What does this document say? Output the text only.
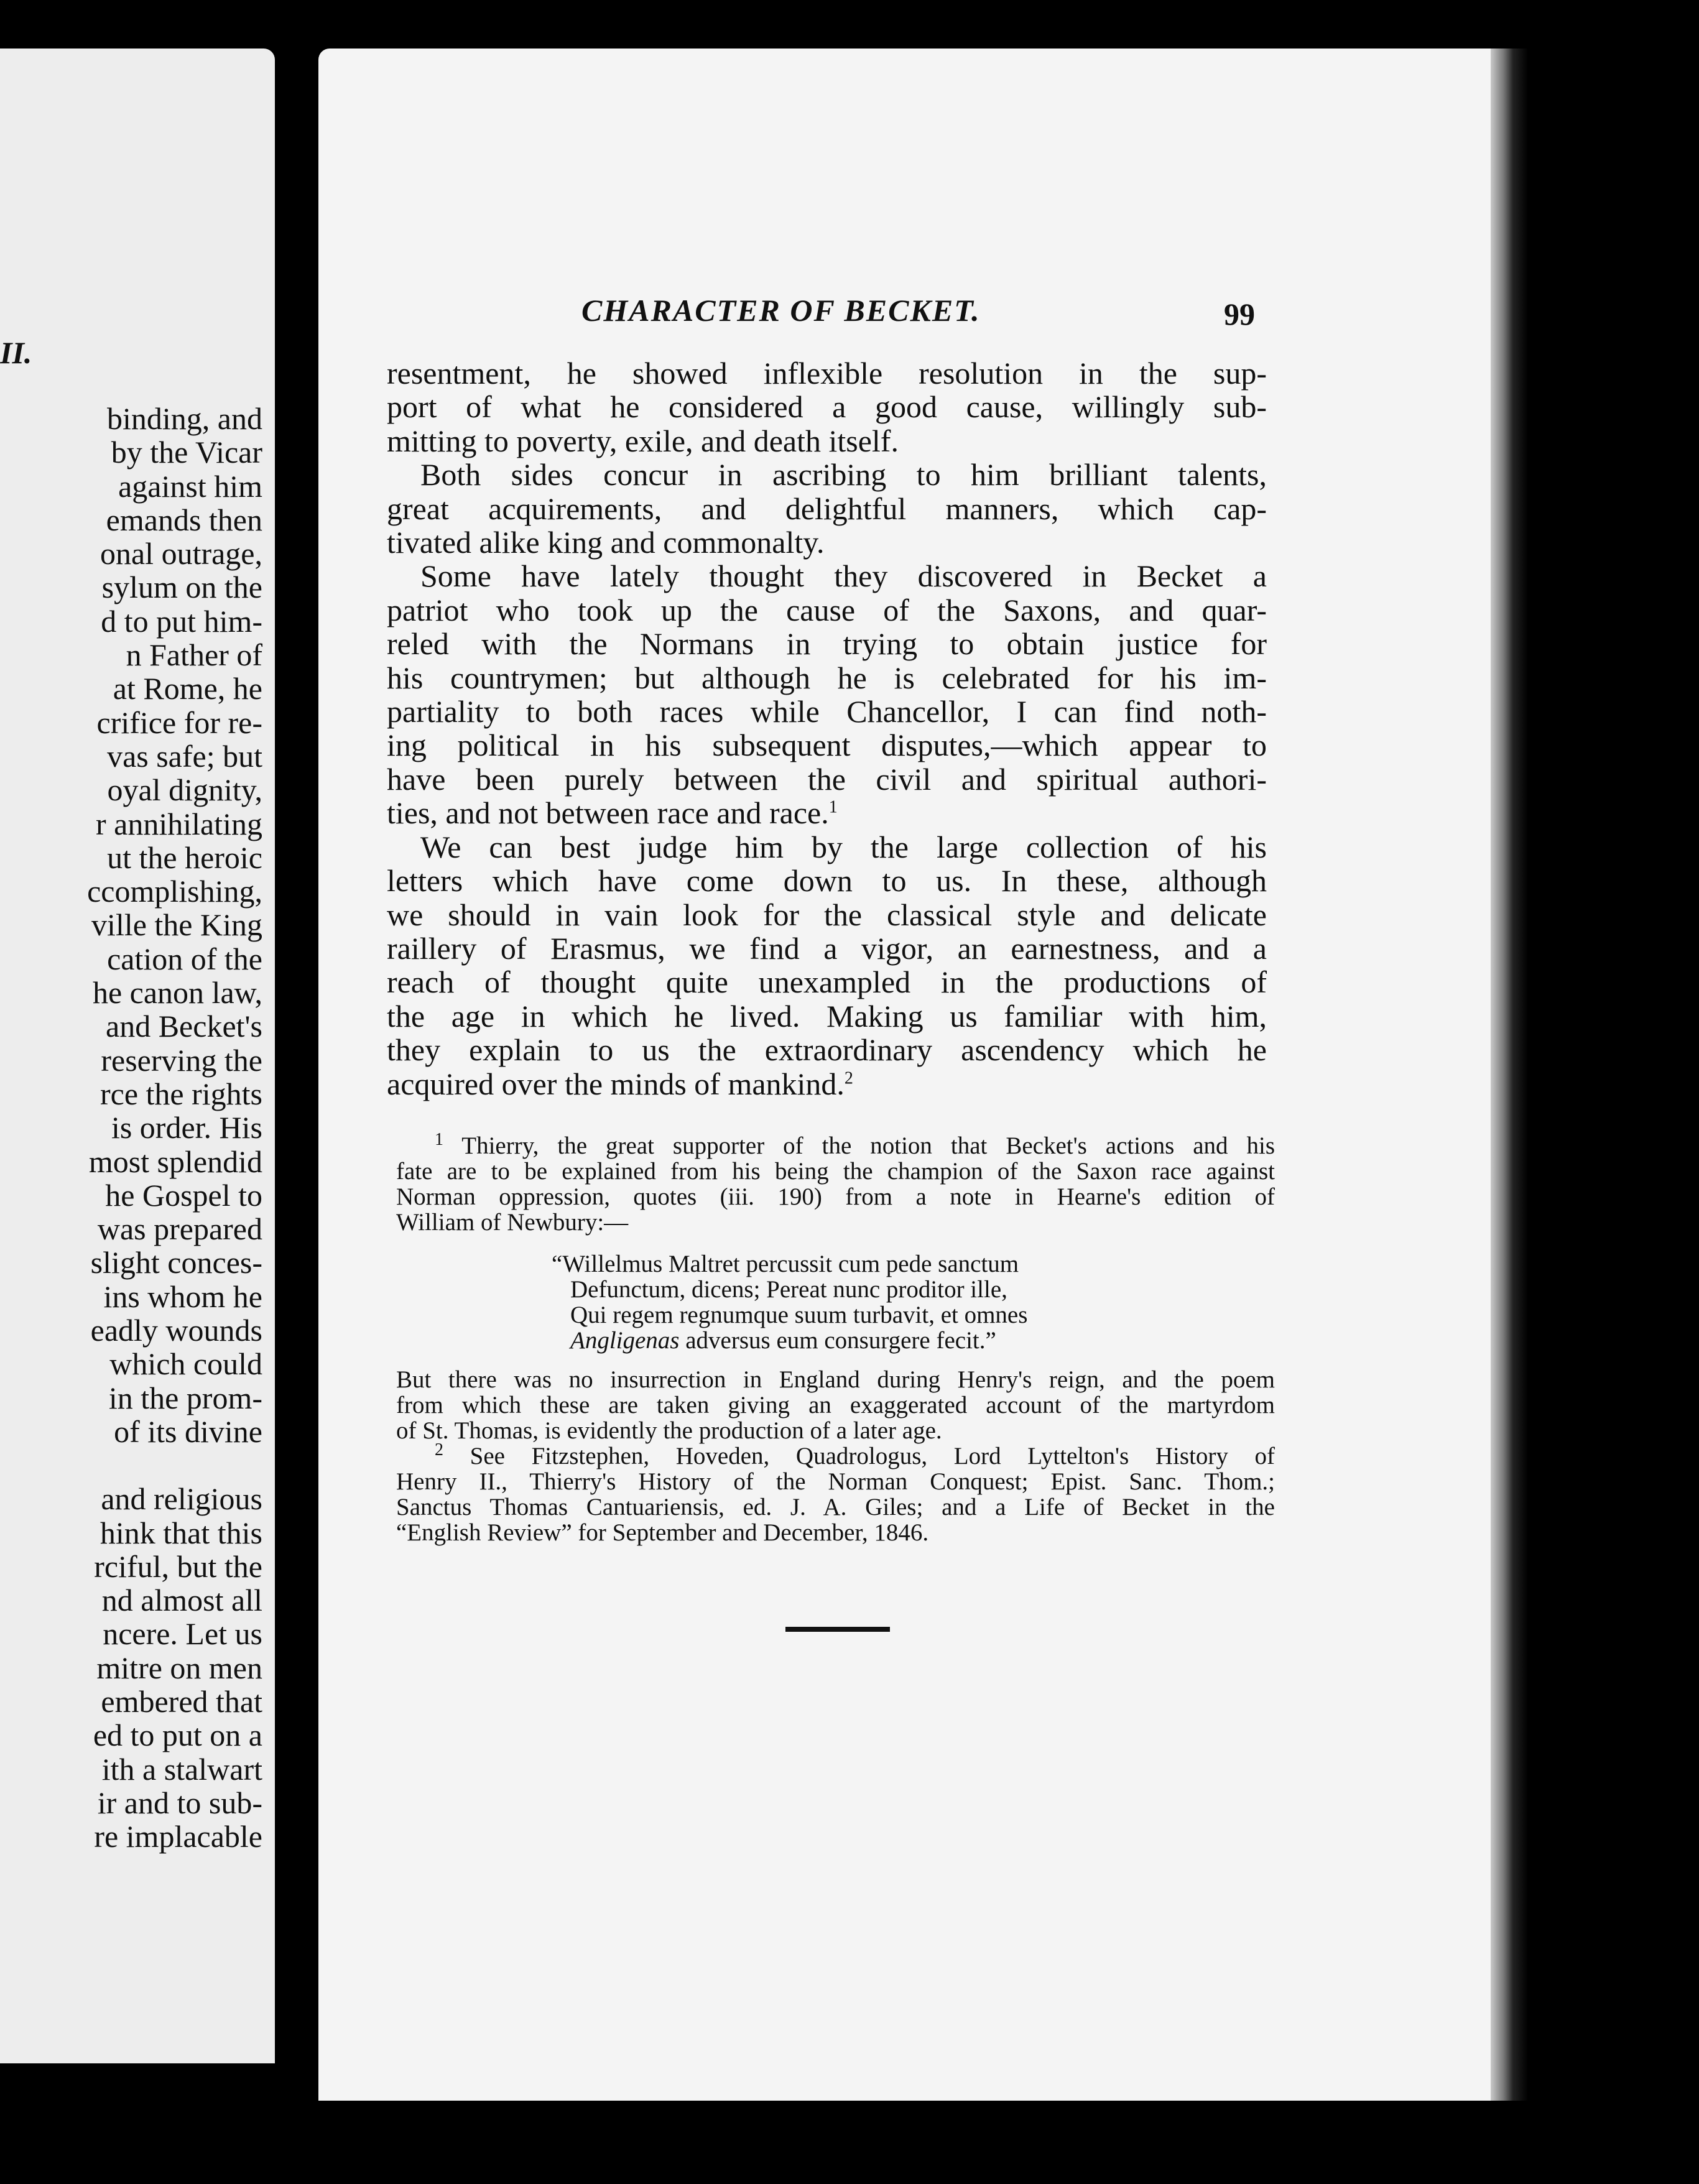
II.
binding, and
by the Vicar
against him
emands then
onal outrage,
sylum on the
d to put him-
n Father of
at Rome, he
crifice for re-
vas safe; but
oyal dignity,
r annihilating
ut the heroic
ccomplishing,
ville the King
cation of the
he canon law,
and Becket's
reserving the
rce the rights
is order. His
most splendid
he Gospel to
was prepared
slight conces-
ins whom he
eadly wounds
which could
in the prom-
of its divine
and religious
hink that this
rciful, but the
nd almost all
ncere. Let us
mitre on men
embered that
ed to put on a
ith a stalwart
ir and to sub-
re implacable
CHARACTER OF BECKET.	99
resentment, he showed inflexible resolution in the sup-
port of what he considered a good cause, willingly sub-
mitting to poverty, exile, and death itself.
Both sides concur in ascribing to him brilliant talents,
great acquirements, and delightful manners, which cap-
tivated alike king and commonalty.
Some have lately thought they discovered in Becket a
patriot who took up the cause of the Saxons, and quar-
reled with the Normans in trying to obtain justice for
his countrymen; but although he is celebrated for his im-
partiality to both races while Chancellor, I can find noth-
ing political in his subsequent disputes,—which appear to
have been purely between the civil and spiritual authori-
ties, and not between race and race.$^1$
We can best judge him by the large collection of his
letters which have come down to us. In these, although
we should in vain look for the classical style and delicate
raillery of Erasmus, we find a vigor, an earnestness, and a
reach of thought quite unexampled in the productions of
the age in which he lived. Making us familiar with him,
they explain to us the extraordinary ascendency which he
acquired over the minds of mankind.$^2$
$^1$ Thierry, the great supporter of the notion that Becket's actions and his
fate are to be explained from his being the champion of the Saxon race against
Norman oppression, quotes (iii. 190) from a note in Hearne's edition of
William of Newbury:—
“Willelmus Maltret percussit cum pede sanctum
Defunctum, dicens; Pereat nunc proditor ille,
Qui regem regnumque suum turbavit, et omnes
Angligenas adversus eum consurgere fecit.”
But there was no insurrection in England during Henry's reign, and the poem
from which these are taken giving an exaggerated account of the martyrdom
of St. Thomas, is evidently the production of a later age.
$^2$ See Fitzstephen, Hoveden, Quadrologus, Lord Lyttelton's History of
Henry II., Thierry's History of the Norman Conquest; Epist. Sanc. Thom.;
Sanctus Thomas Cantuariensis, ed. J. A. Giles; and a Life of Becket in the
“English Review” for September and December, 1846.
